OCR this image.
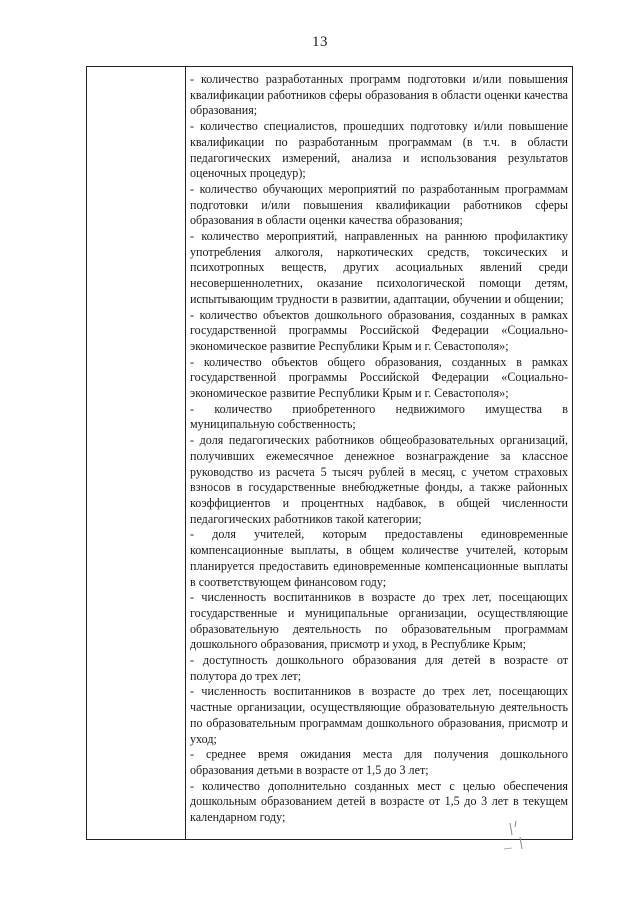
13

- количество разработанных программ подготовки и/или повышения квалификации работников сферы образования в области оценки качества образования;

- количество специалистов, прошедших подготовку и/или повышение квалификации по разработанным программам (в т.ч. в области педагогических измерений, анализа и использования результатов оценочных процедур);

- количество обучающих мероприятий по разработанным программам подготовки и/или повышения квалификации работников сферы образования в области оценки качества образования;

- количество мероприятий, направленных на раннюю профилактику употребления алкоголя, наркотических средств, токсических и психотропных веществ, других асоциальных явлений среди несовершеннолетних, оказание психологической помощи детям, испытывающим трудности в развитии, адаптации, обучении и общении;

- количество объектов дошкольного образования, созданных в рамках государственной программы Российской Федерации «Социально-экономическое развитие Республики Крым и г. Севастополя»;

- количество объектов общего образования, созданных в рамках государственной программы Российской Федерации «Социально-экономическое развитие Республики Крым и г. Севастополя»;

- количество приобретенного недвижимого имущества в муниципальную собственность;

- доля педагогических работников общеобразовательных организаций, получивших ежемесячное денежное вознаграждение за классное руководство из расчета 5 тысяч рублей в месяц, с учетом страховых взносов в государственные внебюджетные фонды, а также районных коэффициентов и процентных надбавок, в общей численности педагогических работников такой категории;

- доля учителей, которым предоставлены единовременные компенсационные выплаты, в общем количестве учителей, которым планируется предоставить единовременные компенсационные выплаты в соответствующем финансовом году;

- численность воспитанников в возрасте до трех лет, посещающих государственные и муниципальные организации, осуществляющие образовательную деятельность по образовательным программам дошкольного образования, присмотр и уход, в Республике Крым;

- доступность дошкольного образования для детей в возрасте от полутора до трех лет;

- численность воспитанников в возрасте до трех лет, посещающих частные организации, осуществляющие образовательную деятельность по образовательным программам дошкольного образования, присмотр и уход;

- среднее время ожидания места для получения дошкольного образования детьми в возрасте от 1,5 до 3 лет;

- количество дополнительно созданных мест с целью обеспечения дошкольным образованием детей в возрасте от 1,5 до 3 лет в текущем календарном году;
